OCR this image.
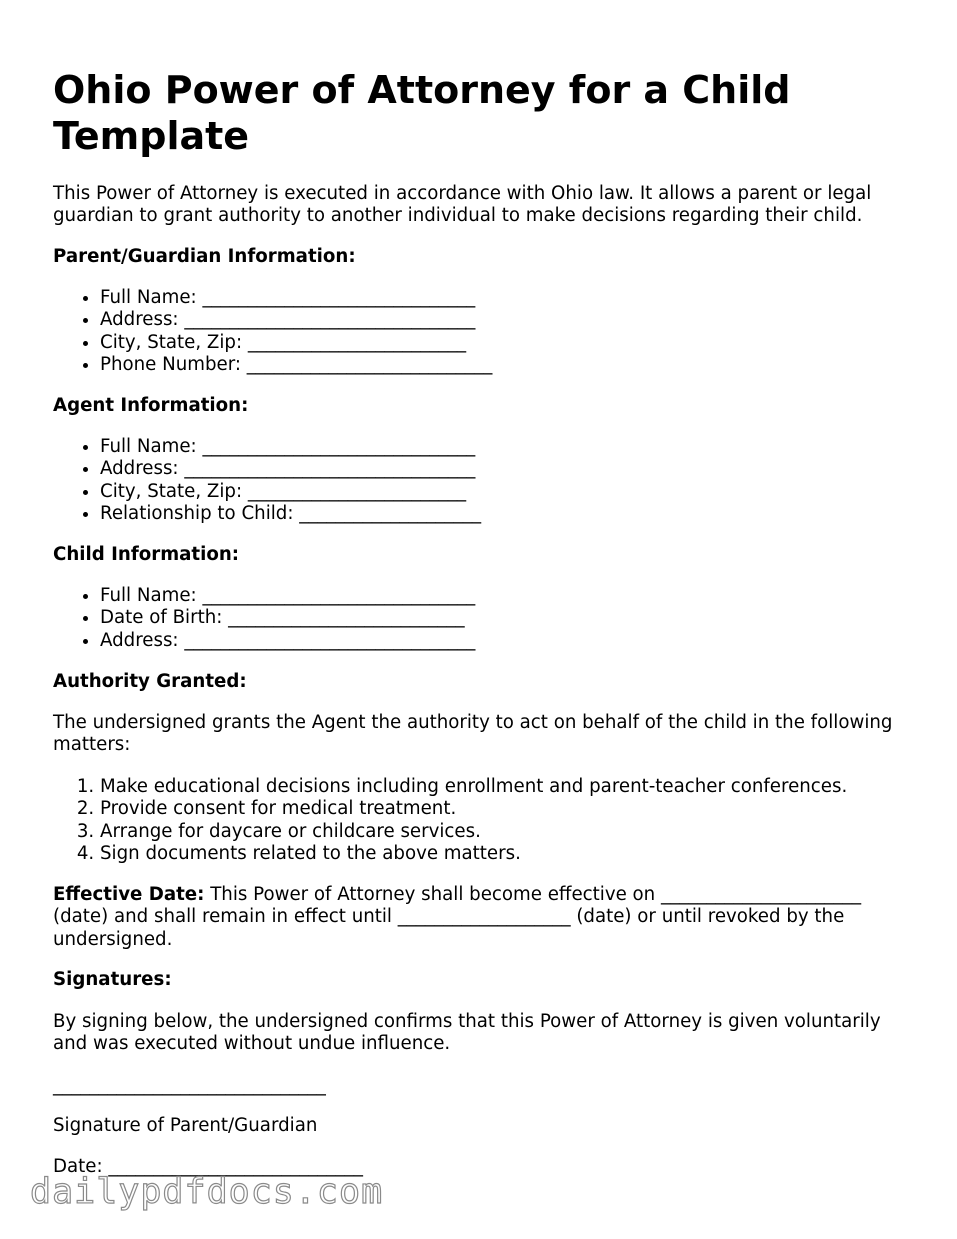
Ohio Power of Attorney for a Child Template

This Power of Attorney is executed in accordance with Ohio law. It allows a parent or legal guardian to grant authority to another individual to make decisions regarding their child.

Parent/Guardian Information:

• Full Name: ______________________________
• Address: ________________________________
• City, State, Zip: ________________________
• Phone Number: ___________________________

Agent Information:

• Full Name: ______________________________
• Address: ________________________________
• City, State, Zip: ________________________
• Relationship to Child: ____________________

Child Information:

• Full Name: ______________________________
• Date of Birth: __________________________
• Address: ________________________________

Authority Granted:

The undersigned grants the Agent the authority to act on behalf of the child in the following matters:

1. Make educational decisions including enrollment and parent-teacher conferences.
2. Provide consent for medical treatment.
3. Arrange for daycare or childcare services.
4. Sign documents related to the above matters.

Effective Date: This Power of Attorney shall become effective on ______________________ (date) and shall remain in effect until ___________________ (date) or until revoked by the undersigned.

Signatures:

By signing below, the undersigned confirms that this Power of Attorney is given voluntarily and was executed without undue influence.

______________________________

Signature of Parent/Guardian

Date: ____________________________

dailypdfdocs.com
